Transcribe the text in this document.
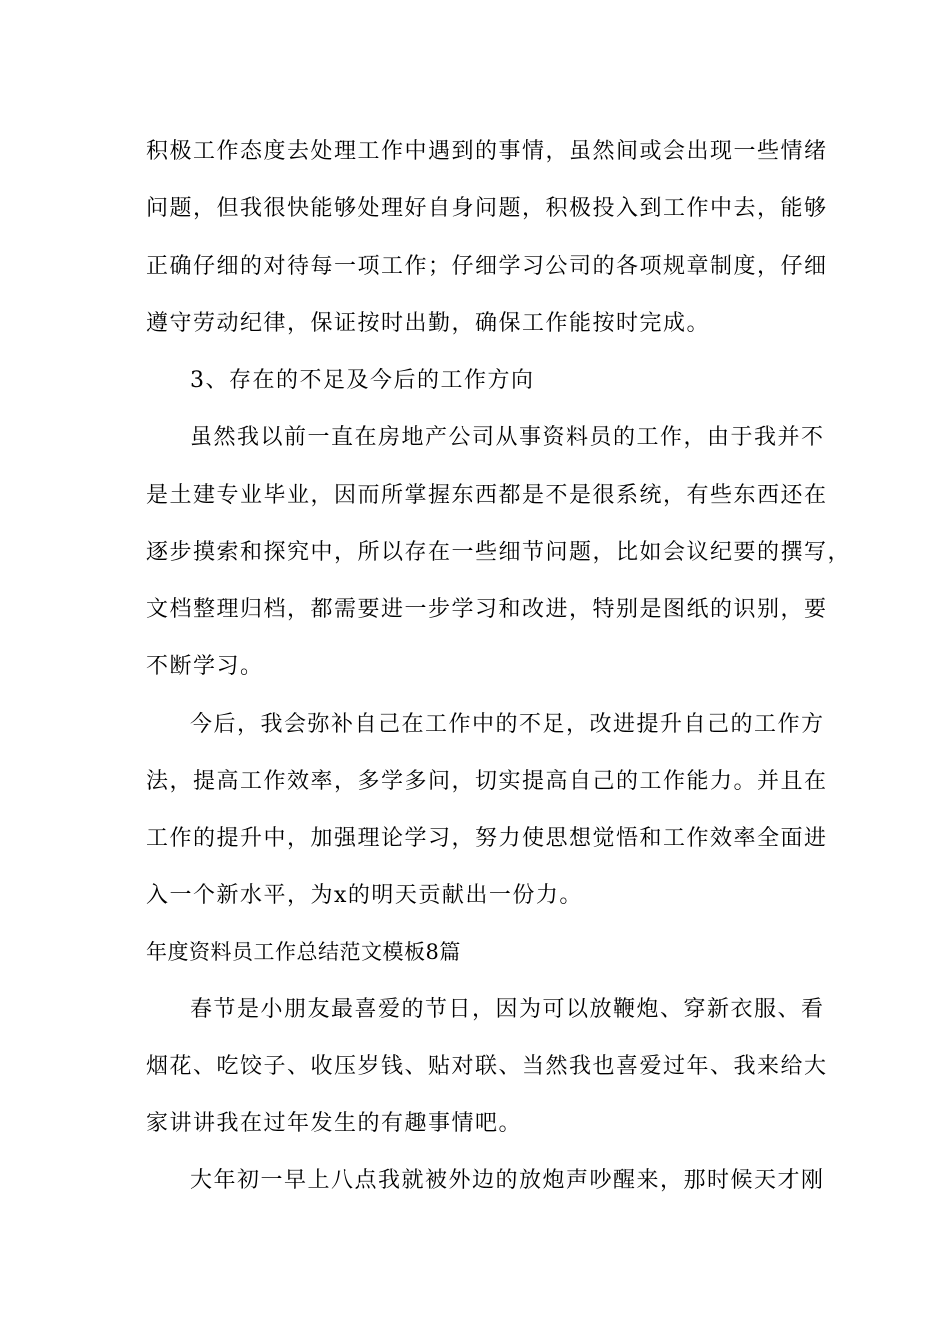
积极工作态度去处理工作中遇到的事情，虽然间或会出现一些情绪
问题，但我很快能够处理好自身问题，积极投入到工作中去，能够
正确仔细的对待每一项工作；仔细学习公司的各项规章制度，仔细
遵守劳动纪律，保证按时出勤，确保工作能按时完成。
3、存在的不足及今后的工作方向
虽然我以前一直在房地产公司从事资料员的工作，由于我并不
是土建专业毕业，因而所掌握东西都是不是很系统，有些东西还在
逐步摸索和探究中，所以存在一些细节问题，比如会议纪要的撰写，
文档整理归档，都需要进一步学习和改进，特别是图纸的识别，要
不断学习。
今后，我会弥补自己在工作中的不足，改进提升自己的工作方
法，提高工作效率，多学多问，切实提高自己的工作能力。并且在
工作的提升中，加强理论学习，努力使思想觉悟和工作效率全面进
入一个新水平，为x的明天贡献出一份力。
年度资料员工作总结范文模板8篇
春节是小朋友最喜爱的节日，因为可以放鞭炮、穿新衣服、看
烟花、吃饺子、收压岁钱、贴对联、当然我也喜爱过年、我来给大
家讲讲我在过年发生的有趣事情吧。
大年初一早上八点我就被外边的放炮声吵醒来，那时候天才刚
